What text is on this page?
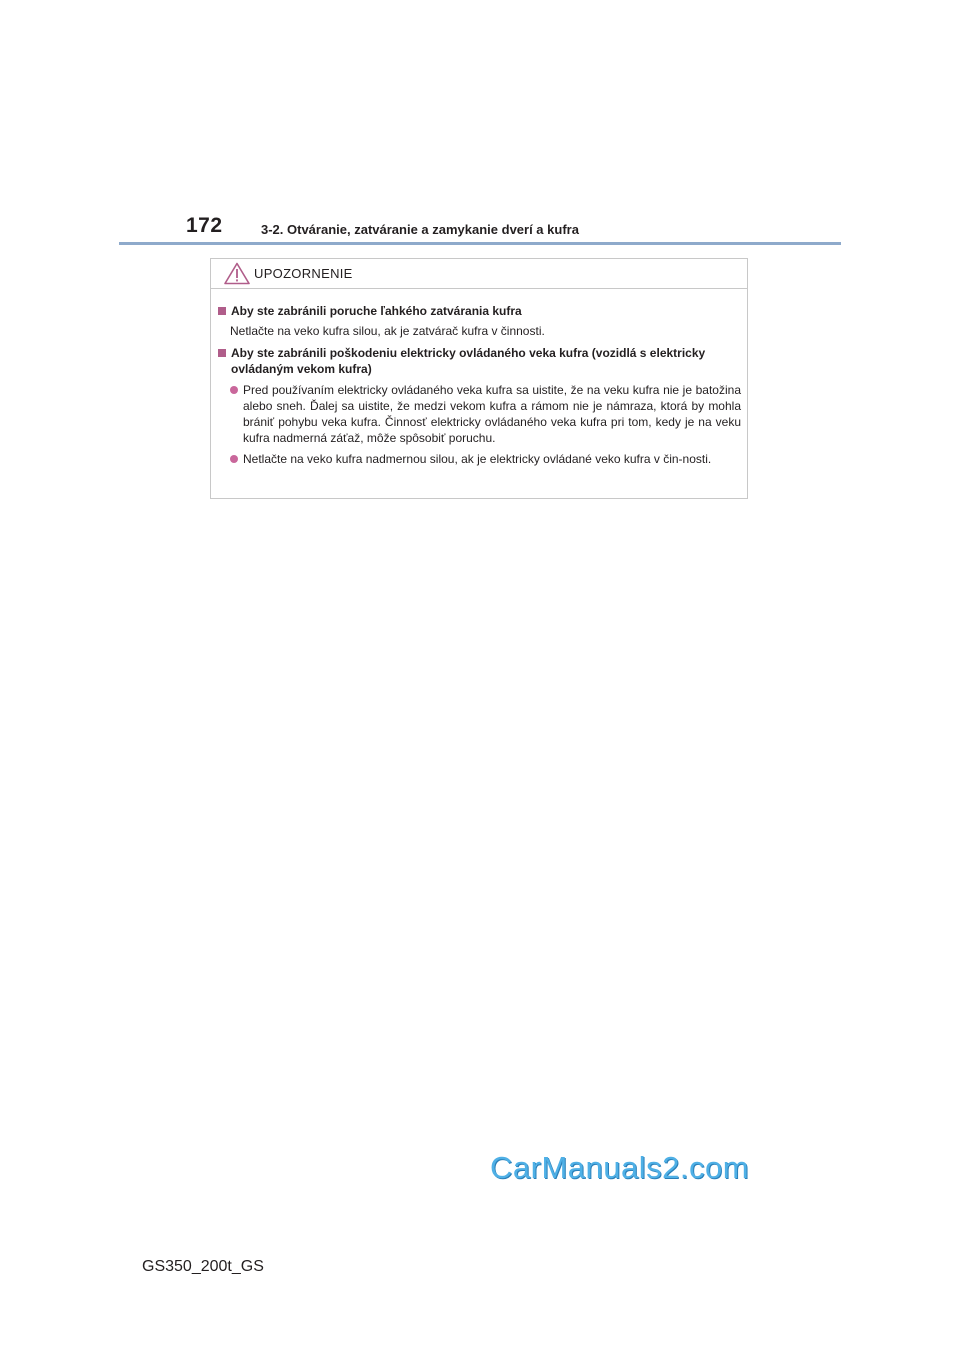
172	3-2. Otváranie, zatváranie a zamykanie dverí a kufra
UPOZORNENIE
Aby ste zabránili poruche ľahkého zatvárania kufra
Netlačte na veko kufra silou, ak je zatvárač kufra v činnosti.
Aby ste zabránili poškodeniu elektricky ovládaného veka kufra (vozidlá s elektricky ovládaným vekom kufra)
Pred používaním elektricky ovládaného veka kufra sa uistite, že na veku kufra nie je batožina alebo sneh. Ďalej sa uistite, že medzi vekom kufra a rámom nie je námraza, ktorá by mohla brániť pohybu veka kufra. Činnosť elektricky ovládaného veka kufra pri tom, kedy je na veku kufra nadmerná záťaž, môže spôsobiť poruchu.
Netlačte na veko kufra nadmernou silou, ak je elektricky ovládané veko kufra v čin-nosti.
CarManuals2.com
GS350_200t_GS
